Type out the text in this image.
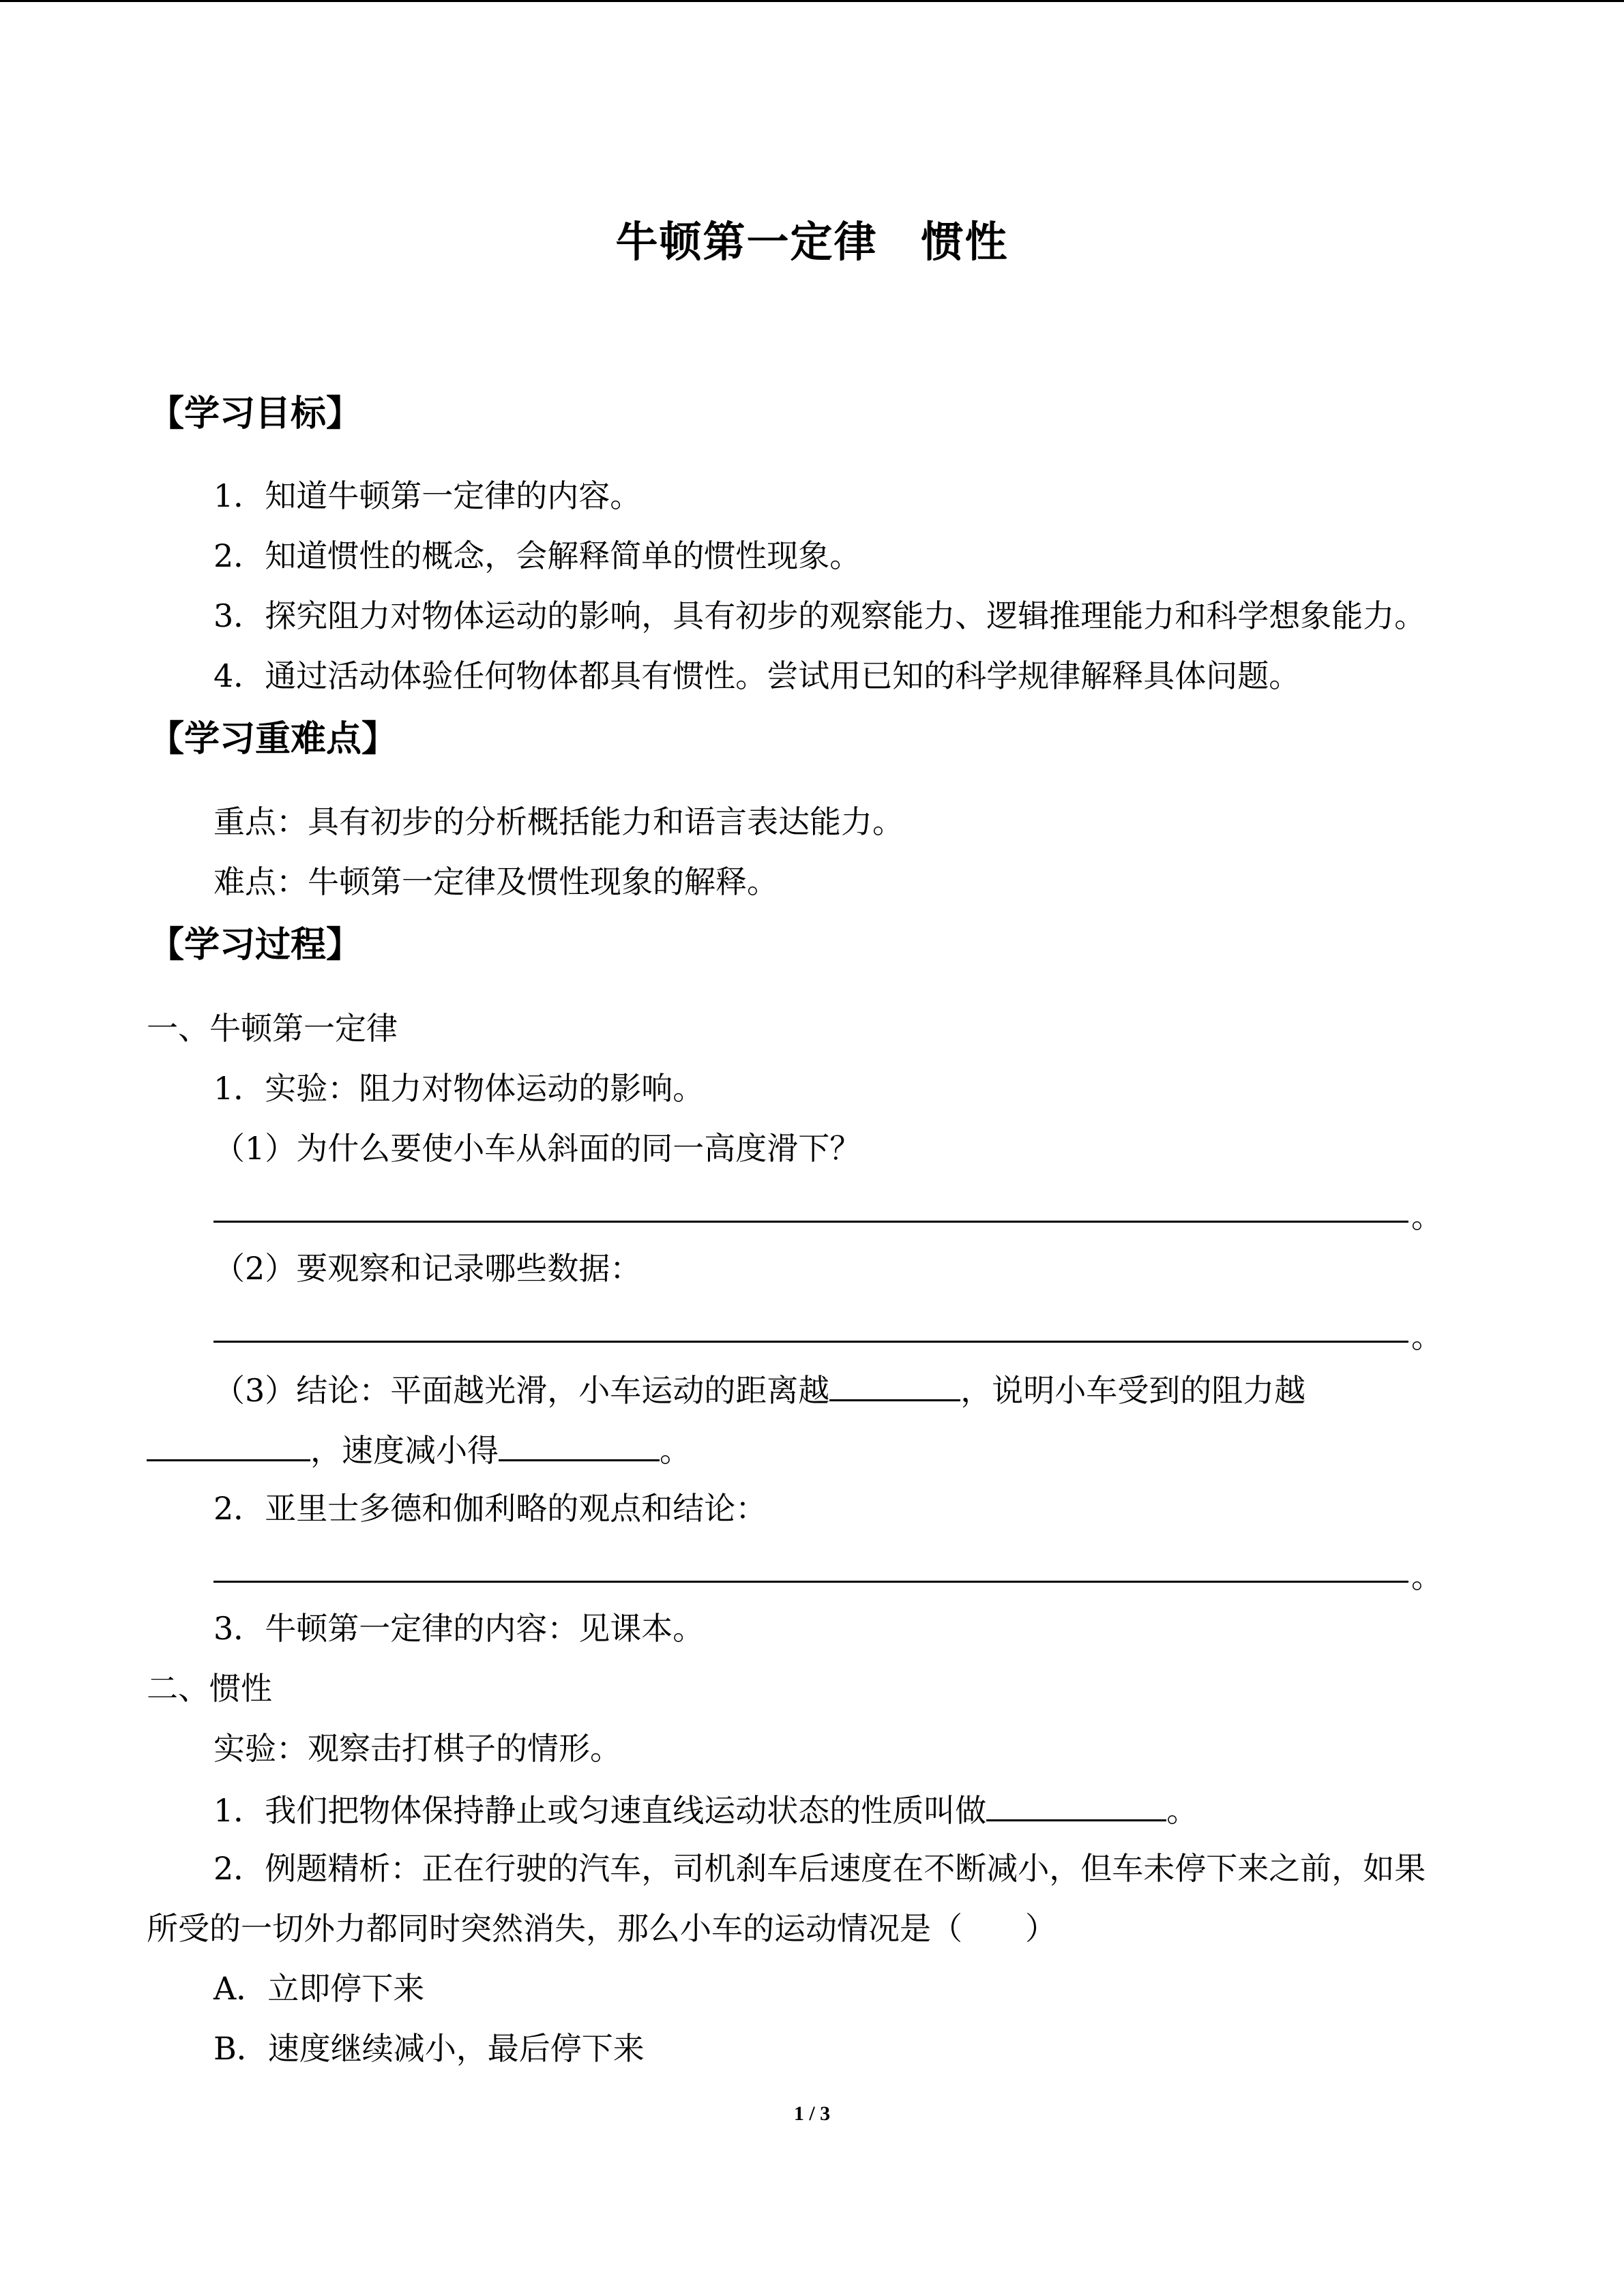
牛顿第一定律　惯性
【学习目标】
1．知道牛顿第一定律的内容。
2．知道惯性的概念，会解释简单的惯性现象。
3．探究阻力对物体运动的影响，具有初步的观察能力、逻辑推理能力和科学想象能力。
4．通过活动体验任何物体都具有惯性。尝试用已知的科学规律解释具体问题。
【学习重难点】
重点：具有初步的分析概括能力和语言表达能力。
难点：牛顿第一定律及惯性现象的解释。
【学习过程】
一、牛顿第一定律
1．实验：阻力对物体运动的影响。
（1）为什么要使小车从斜面的同一高度滑下？
。
（2）要观察和记录哪些数据：
。
（3）结论：平面越光滑，小车运动的距离越	，说明小车受到的阻力越
，速度减小得	。
2．亚里士多德和伽利略的观点和结论：
。
3．牛顿第一定律的内容：见课本。
二、惯性
实验：观察击打棋子的情形。
1．我们把物体保持静止或匀速直线运动状态的性质叫做	。
2．例题精析：正在行驶的汽车，司机刹车后速度在不断减小，但车未停下来之前，如果
所受的一切外力都同时突然消失，那么小车的运动情况是（　　）
A．立即停下来
B．速度继续减小，最后停下来
1 / 3
